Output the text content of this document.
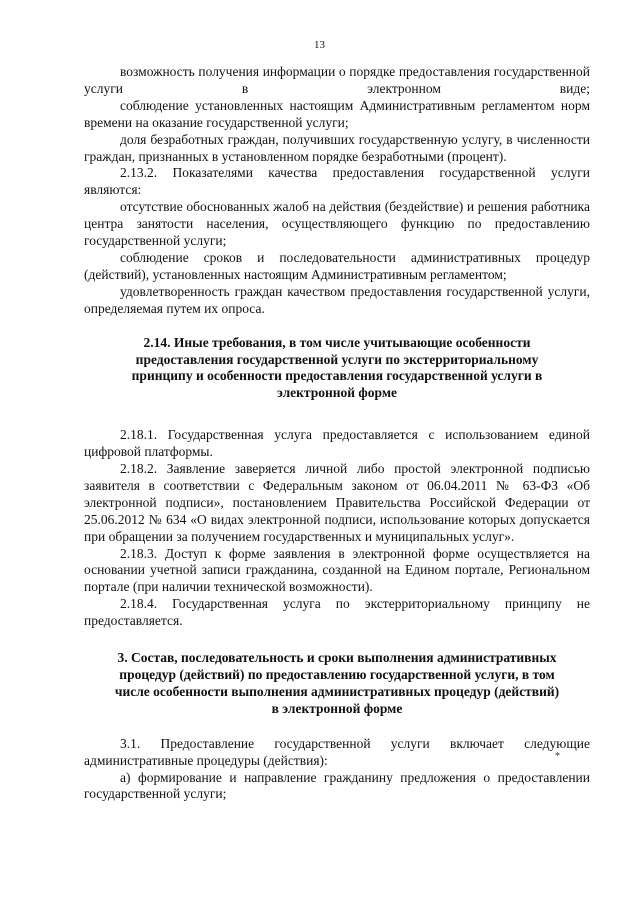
13

возможность получения информации о порядке предоставления государственной услуги в электронном виде;

соблюдение установленных настоящим Административным регламентом норм времени на оказание государственной услуги;

доля безработных граждан, получивших государственную услугу, в численности граждан, признанных в установленном порядке безработными (процент).

2.13.2. Показателями качества предоставления государственной услуги являются:

отсутствие обоснованных жалоб на действия (бездействие) и решения работника центра занятости населения, осуществляющего функцию по предоставлению государственной услуги;

соблюдение сроков и последовательности административных процедур (действий), установленных настоящим Административным регламентом;

удовлетворенность граждан качеством предоставления государственной услуги, определяемая путем их опроса.

2.14. Иные требования, в том числе учитывающие особенности предоставления государственной услуги по экстерриториальному принципу и особенности предоставления государственной услуги в электронной форме

2.18.1. Государственная услуга предоставляется с использованием единой цифровой платформы.

2.18.2. Заявление заверяется личной либо простой электронной подписью заявителя в соответствии с Федеральным законом от 06.04.2011 № 63-ФЗ «Об электронной подписи», постановлением Правительства Российской Федерации от 25.06.2012 № 634 «О видах электронной подписи, использование которых допускается при обращении за получением государственных и муниципальных услуг».

2.18.3. Доступ к форме заявления в электронной форме осуществляется на основании учетной записи гражданина, созданной на Едином портале, Региональном портале (при наличии технической возможности).

2.18.4. Государственная услуга по экстерриториальному принципу не предоставляется.

3. Состав, последовательность и сроки выполнения административных процедур (действий) по предоставлению государственной услуги, в том числе особенности выполнения административных процедур (действий) в электронной форме

3.1. Предоставление государственной услуги включает следующие административные процедуры (действия):

а) формирование и направление гражданину предложения о предоставлении государственной услуги;

*
